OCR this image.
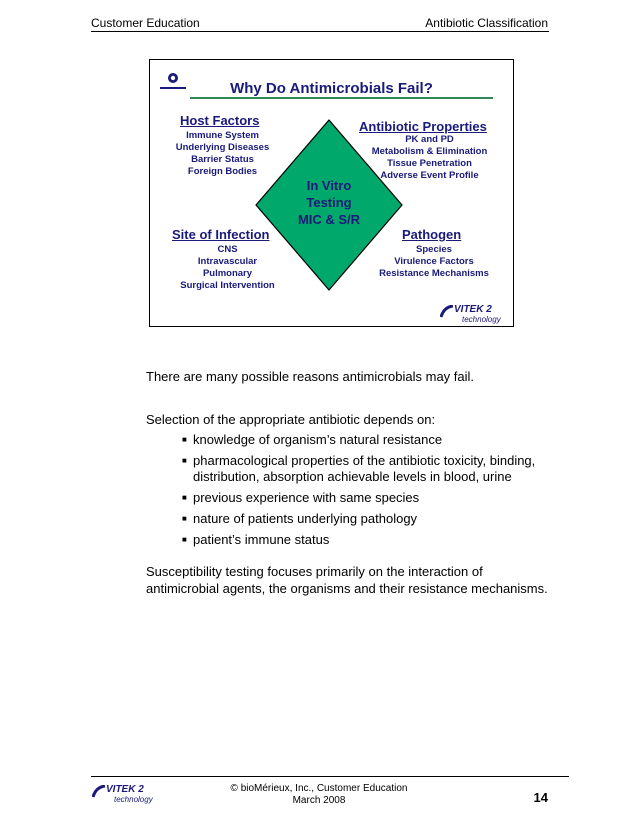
Customer Education	Antibiotic Classification
Why Do Antimicrobials Fail?
In Vitro
Testing
MIC & S/R
Host Factors
Immune System
Underlying Diseases
Barrier Status
Foreign Bodies
Antibiotic Properties
PK and PD
Metabolism & Elimination
Tissue Penetration
Adverse Event Profile
Site of Infection
CNS
Intravascular
Pulmonary
Surgical Intervention
Pathogen
Species
Virulence Factors
Resistance Mechanisms
VITEK 2
technology
There are many possible reasons antimicrobials may fail.
Selection of the appropriate antibiotic depends on:
■ knowledge of organism’s natural resistance
■ pharmacological properties of the antibiotic toxicity, binding, distribution, absorption achievable levels in blood, urine
■ previous experience with same species
■ nature of patients underlying pathology
■ patient’s immune status
Susceptibility testing focuses primarily on the interaction of antimicrobial agents, the organisms and their resistance mechanisms.
VITEK 2
technology
© bioMérieux, Inc., Customer Education
March 2008	14
